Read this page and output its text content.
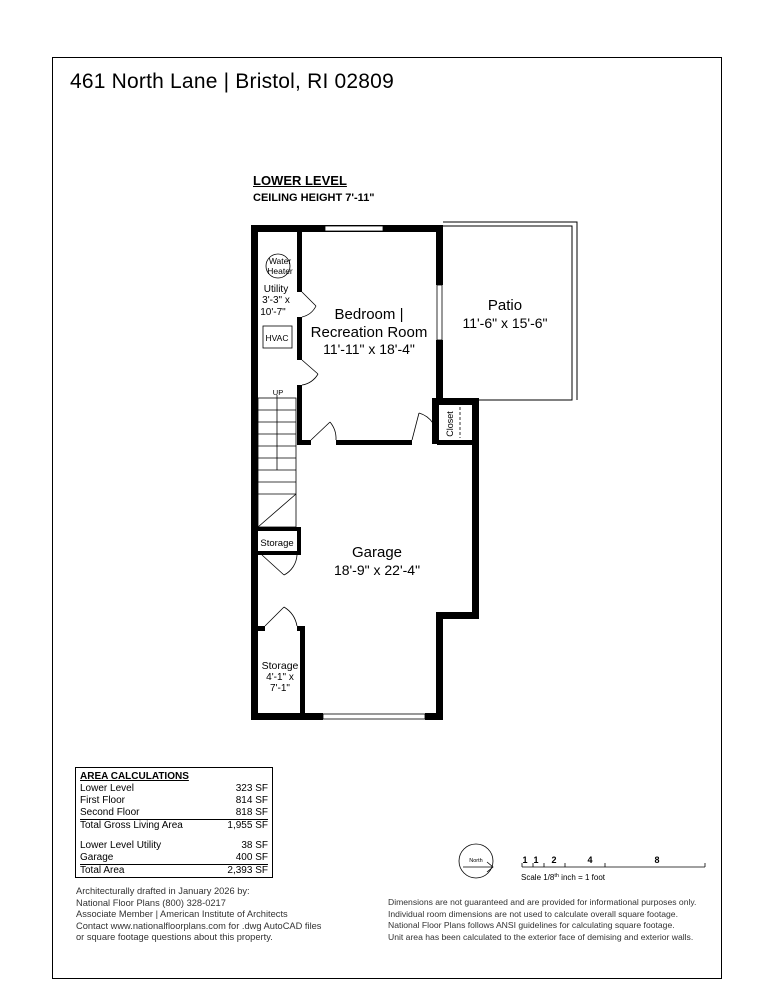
461 North Lane | Bristol, RI 02809
LOWER LEVEL
CEILING HEIGHT 7'-11"
Water
Heater
Utility
3'-3" x
10'-7"
HVAC
Bedroom |
Recreation Room
11'-11" x 18'-4"
Patio
11'-6" x 15'-6"
UP
Storage
Garage
18'-9" x 22'-4"
Storage
4'-1" x
7'-1"
Closet
AREA CALCULATIONS
Lower Level	323 SF
First Floor	814 SF
Second Floor	818 SF
Total Gross Living Area	1,955 SF
Lower Level Utility	38 SF
Garage	400 SF
Total Area	2,393 SF
Architecturally drafted in January 2026 by:
National Floor Plans (800) 328-0217
Associate Member | American Institute of Architects
Contact www.nationalfloorplans.com for .dwg AutoCAD files
or square footage questions about this property.
Dimensions are not guaranteed and are provided for informational purposes only.
Individual room dimensions are not used to calculate overall square footage.
National Floor Plans follows ANSI guidelines for calculating square footage.
Unit area has been calculated to the exterior face of demising and exterior walls.
North	1 1 2	4	8
Scale 1/8th inch = 1 foot
